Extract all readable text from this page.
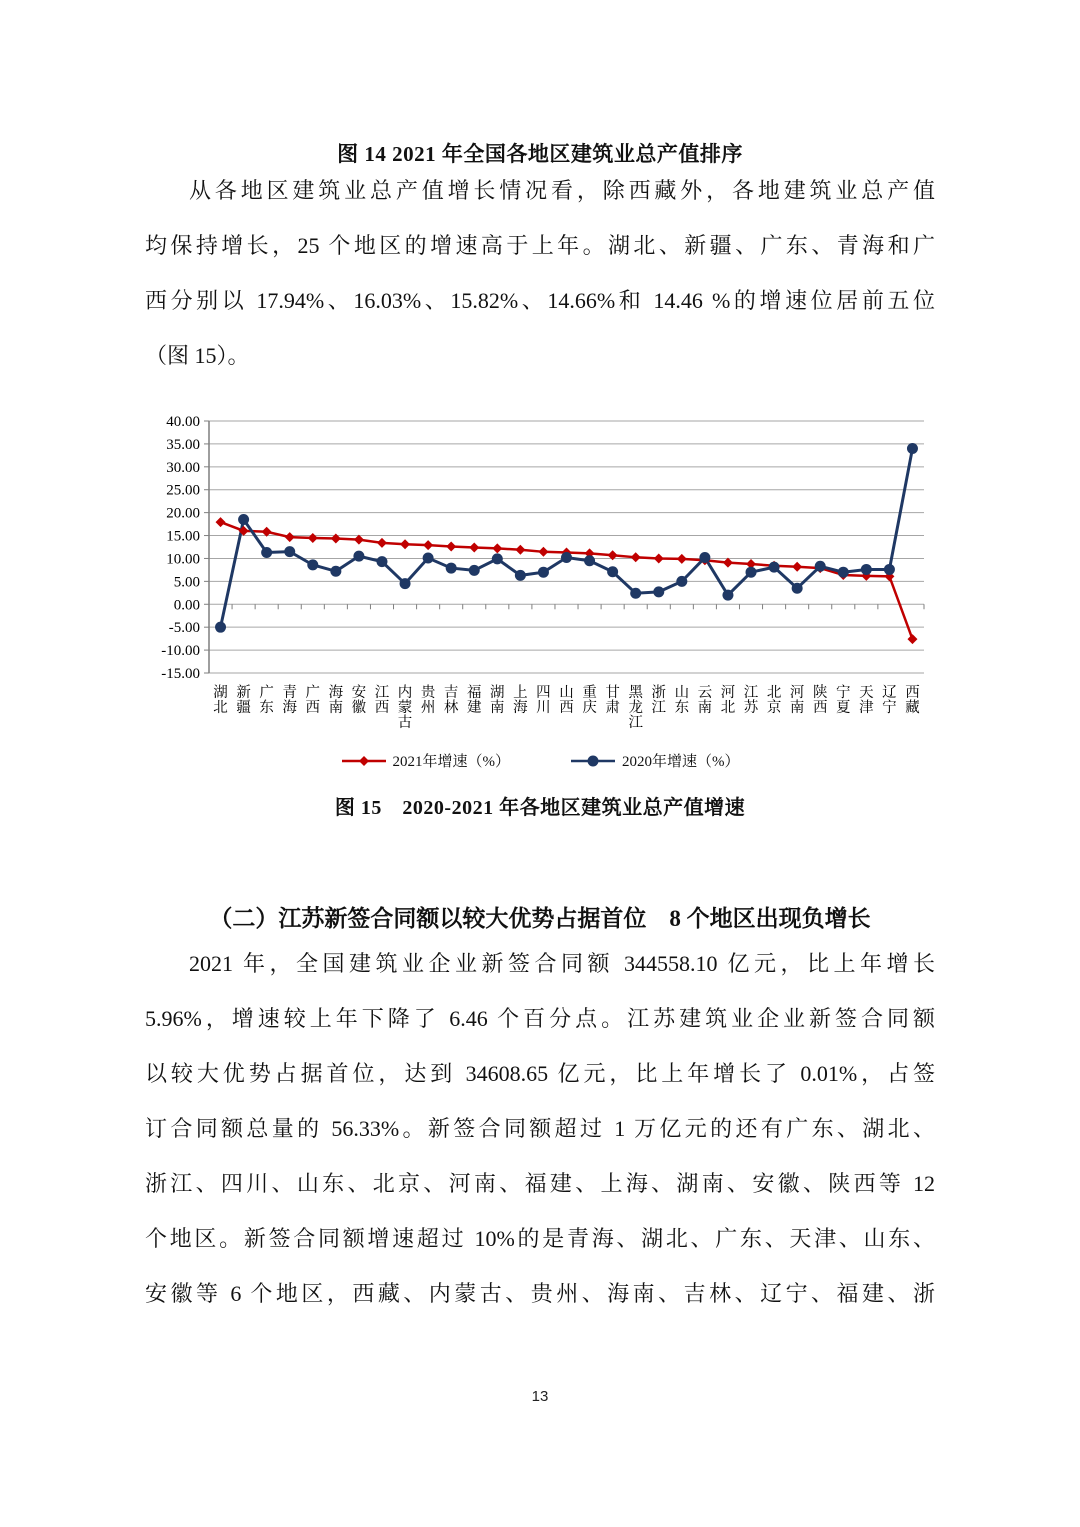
图 14 2021 年全国各地区建筑业总产值排序
从各地区建筑业总产值增长情况看，除西藏外，各地建筑业总产值
均保持增长，25 个地区的增速高于上年。湖北、新疆、广东、青海和广
西分别以 17.94%、16.03%、15.82%、14.66%和 14.46 %的增速位居前五位
（图 15）。
40.00
35.00
30.00
25.00
20.00
15.00
10.00
5.00
0.00
-5.00
-10.00
-15.00
湖北
新疆
广东
青海
广西
海南
安徽
江西
内蒙古
贵州
吉林
福建
湖南
上海
四川
山西
重庆
甘肃
黑龙江
浙江
山东
云南
河北
江苏
北京
河南
陕西
宁夏
天津
辽宁
西藏
2021年增速（%）	2020年增速（%）
图 15　2020-2021 年各地区建筑业总产值增速
（二）江苏新签合同额以较大优势占据首位　8 个地区出现负增长
2021 年，全国建筑业企业新签合同额 344558.10 亿元，比上年增长
5.96%，增速较上年下降了 6.46 个百分点。江苏建筑业企业新签合同额
以较大优势占据首位，达到 34608.65 亿元，比上年增长了 0.01%，占签
订合同额总量的 56.33%。新签合同额超过 1 万亿元的还有广东、湖北、
浙江、四川、山东、北京、河南、福建、上海、湖南、安徽、陕西等 12
个地区。新签合同额增速超过 10%的是青海、湖北、广东、天津、山东、
安徽等 6 个地区，西藏、内蒙古、贵州、海南、吉林、辽宁、福建、浙
13
